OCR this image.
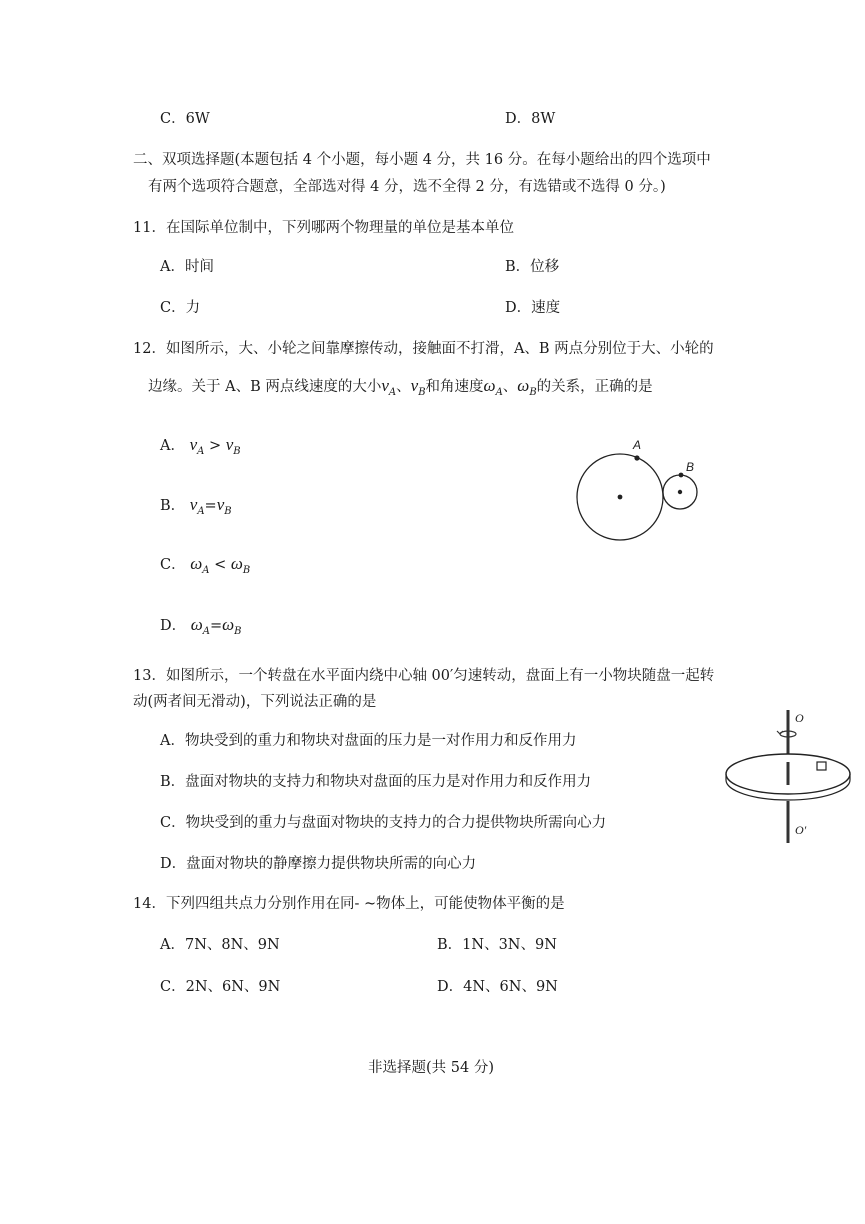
C．6W	D．8W
二、双项选择题(本题包括 4 个小题，每小题 4 分，共 16 分。在每小题给出的四个选项中
有两个选项符合题意，全部选对得 4 分，选不全得 2 分，有选错或不选得 0 分。)
11．在国际单位制中，下列哪两个物理量的单位是基本单位
A．时间	B．位移
C．力	D．速度
12．如图所示，大、小轮之间靠摩擦传动，接触面不打滑，A、B 两点分别位于大、小轮的
边缘。关于 A、B 两点线速度的大小$v_A$、$v_B$和角速度$\omega_A$、$\omega_B$的关系，正确的是
A． $v_A > v_B$
B． $v_A=v_B$
C． $\omega_A < \omega_B$
D． $\omega_A=\omega_B$
A
B
13．如图所示，一个转盘在水平面内绕中心轴 00′匀速转动，盘面上有一小物块随盘一起转
动(两者间无滑动)，下列说法正确的是
A．物块受到的重力和物块对盘面的压力是一对作用力和反作用力
B．盘面对物块的支持力和物块对盘面的压力是对作用力和反作用力
C．物块受到的重力与盘面对物块的支持力的合力提供物块所需向心力
D．盘面对物块的静摩擦力提供物块所需的向心力
O
O′
14．下列四组共点力分别作用在同- ~物体上，可能使物体平衡的是
A．7N、8N、9N	B．1N、3N、9N
C．2N、6N、9N	D．4N、6N、9N
非选择题(共 54 分)
